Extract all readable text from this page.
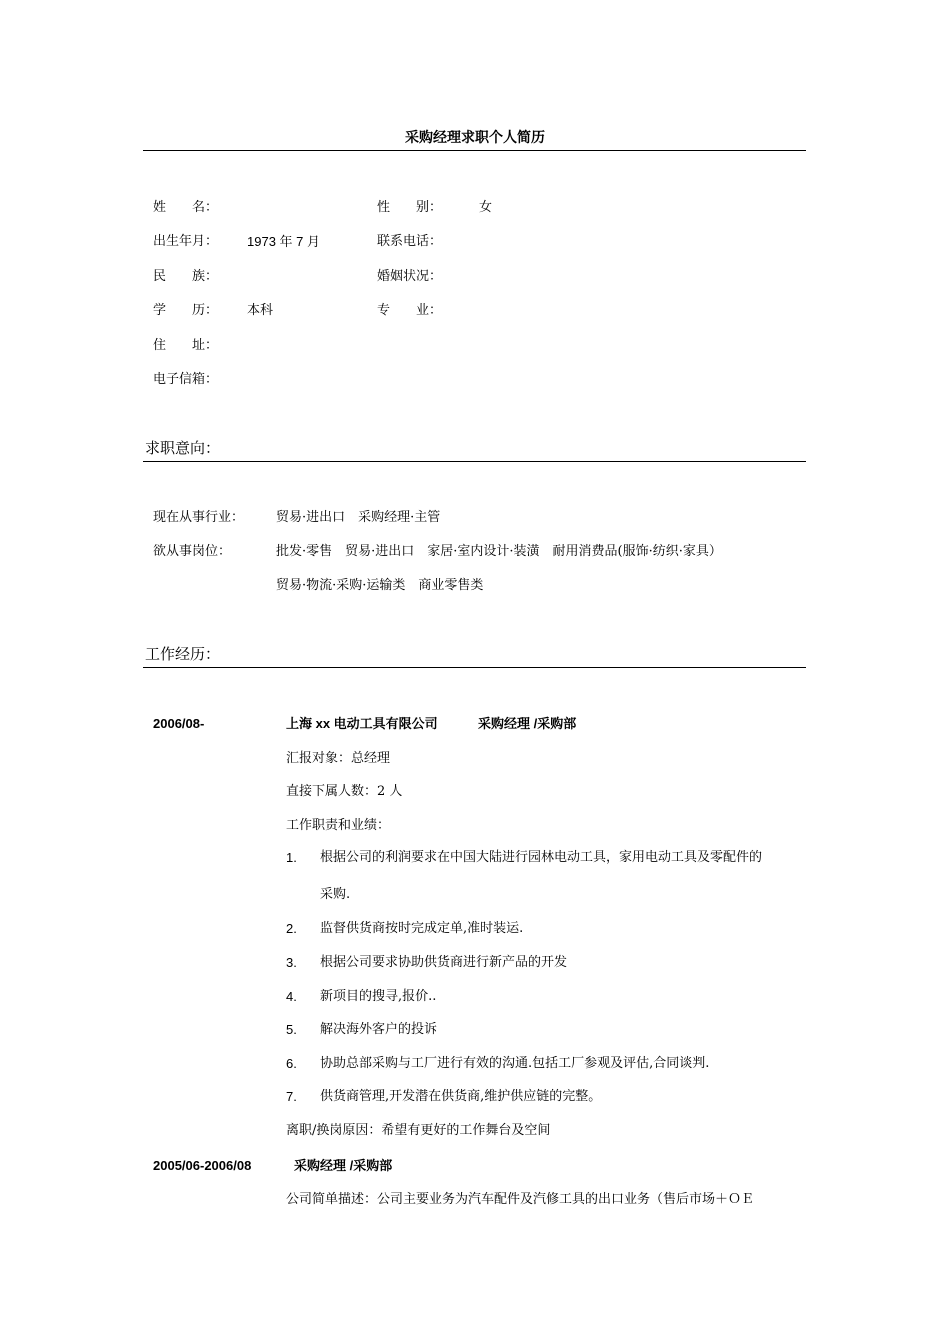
采购经理求职个人简历
姓　　名：	性　　别：	女
出生年月： 1973 年 7 月	联系电话：
民　　族：	婚姻状况：
学　　历： 本科	专　　业：
住　　址：
电子信箱：
求职意向：
现在从事行业： 贸易·进出口　采购经理·主管
欲从事岗位：	批发·零售　贸易·进出口　家居·室内设计·装潢　耐用消费品(服饰·纺织·家具）
贸易·物流·采购·运输类　商业零售类
工作经历：
2006/08-	上海 xx 电动工具有限公司	采购经理 /采购部
汇报对象：总经理
直接下属人数：2 人
工作职责和业绩：
1. 根据公司的利润要求在中国大陆进行园林电动工具，家用电动工具及零配件的
采购.
2. 监督供货商按时完成定单,准时装运.
3. 根据公司要求协助供货商进行新产品的开发
4. 新项目的搜寻,报价..
5. 解决海外客户的投诉
6. 协助总部采购与工厂进行有效的沟通.包括工厂参观及评估,合同谈判.
7. 供货商管理,开发潜在供货商,维护供应链的完整。
离职/换岗原因：希望有更好的工作舞台及空间
2005/06-2006/08	采购经理 /采购部
公司简单描述：公司主要业务为汽车配件及汽修工具的出口业务（售后市场＋ＯＥ
